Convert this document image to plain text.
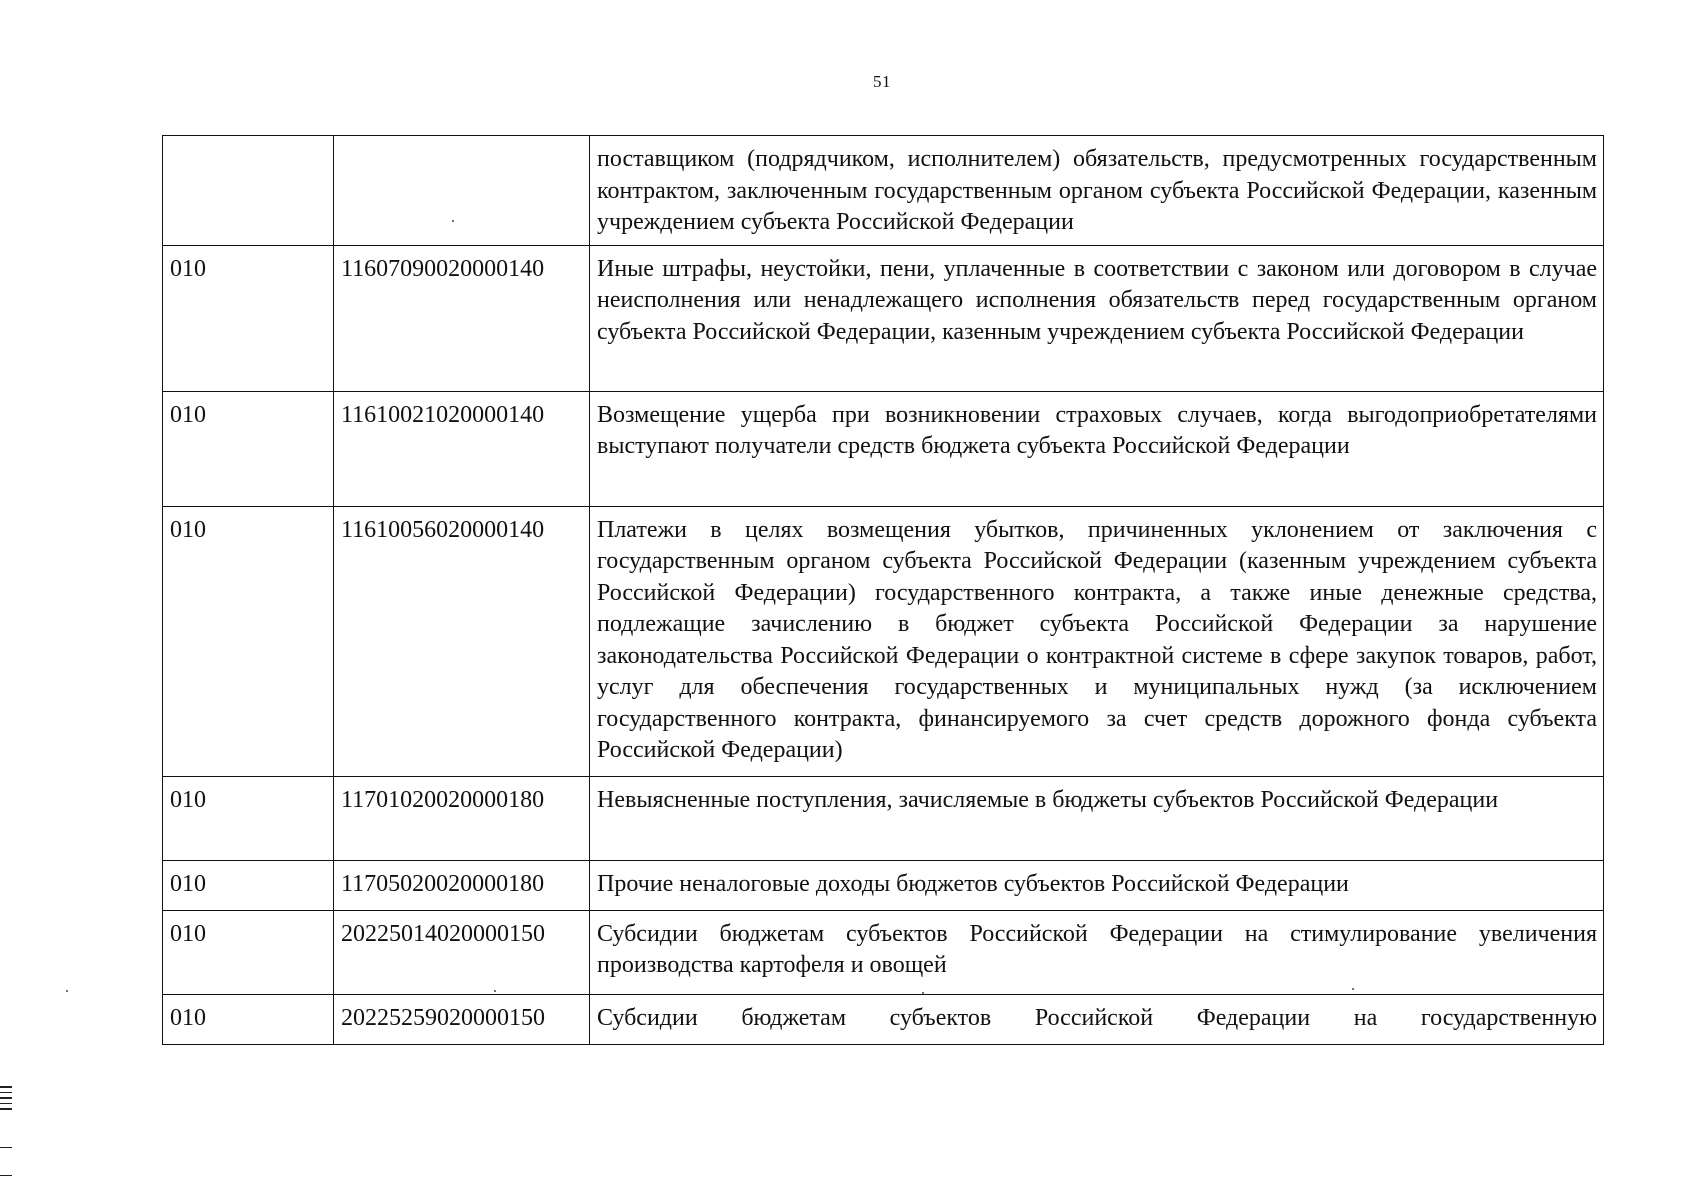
51
		поставщиком (подрядчиком, исполнителем) обязательств, предусмотренных государственным контрактом, заключенным государственным органом субъекта Российской Федерации, казенным учреждением субъекта Российской Федерации
010	11607090020000140	Иные штрафы, неустойки, пени, уплаченные в соответствии с законом или договором в случае неисполнения или ненадлежащего исполнения обязательств перед государственным органом субъекта Российской Федерации, казенным учреждением субъекта Российской Федерации
010	11610021020000140	Возмещение ущерба при возникновении страховых случаев, когда выгодоприобретателями выступают получатели средств бюджета субъекта Российской Федерации
010	11610056020000140	Платежи в целях возмещения убытков, причиненных уклонением от заключения с государственным органом субъекта Российской Федерации (казенным учреждением субъекта Российской Федерации) государственного контракта, а также иные денежные средства, подлежащие зачислению в бюджет субъекта Российской Федерации за нарушение законодательства Российской Федерации о контрактной системе в сфере закупок товаров, работ, услуг для обеспечения государственных и муниципальных нужд (за исключением государственного контракта, финансируемого за счет средств дорожного фонда субъекта Российской Федерации)
010	11701020020000180	Невыясненные поступления, зачисляемые в бюджеты субъектов Российской Федерации
010	11705020020000180	Прочие неналоговые доходы бюджетов субъектов Российской Федерации
010	20225014020000150	Субсидии бюджетам субъектов Российской Федерации на стимулирование увеличения производства картофеля и овощей
010	20225259020000150	Субсидии бюджетам субъектов Российской Федерации на государственную
